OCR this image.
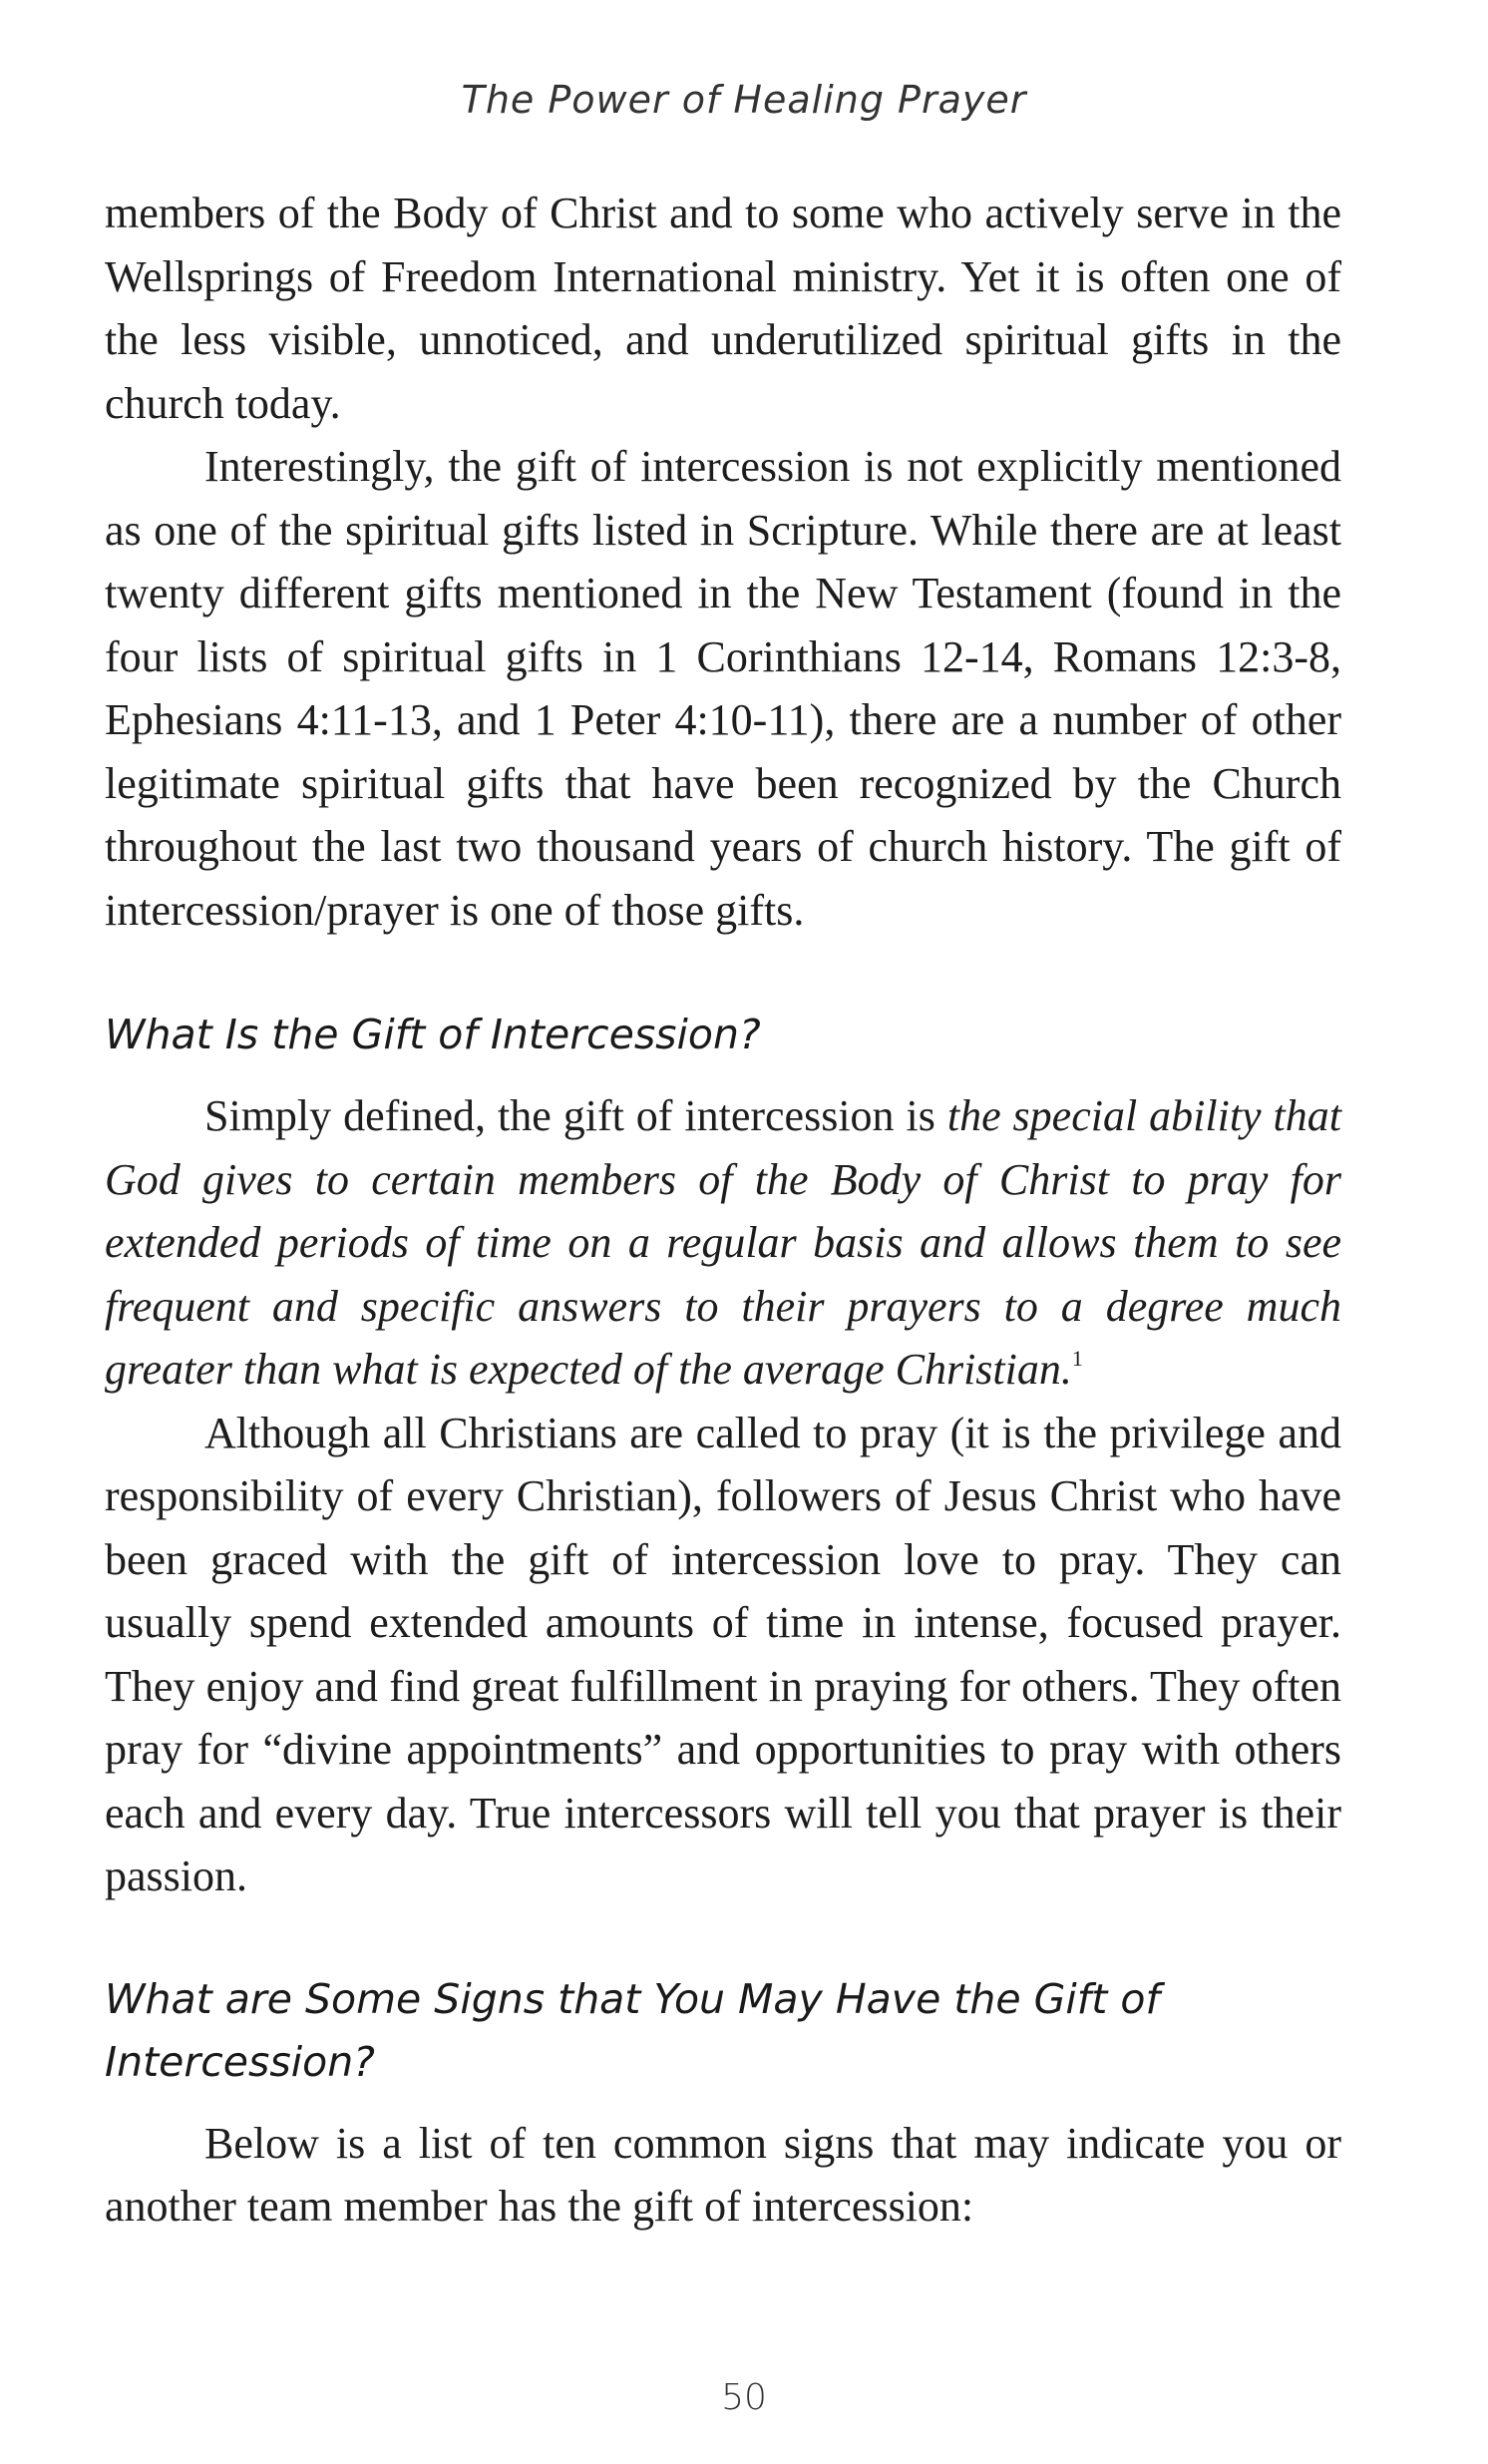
The Power of Healing Prayer

members of the Body of Christ and to some who actively serve in the Wellsprings of Freedom International ministry. Yet it is often one of the less visible, unnoticed, and underutilized spiritual gifts in the church today.

Interestingly, the gift of intercession is not explicitly mentioned as one of the spiritual gifts listed in Scripture. While there are at least twenty different gifts mentioned in the New Testament (found in the four lists of spiritual gifts in 1 Corinthians 12-14, Romans 12:3-8, Ephesians 4:11-13, and 1 Peter 4:10-11), there are a number of other legitimate spiritual gifts that have been recognized by the Church throughout the last two thousand years of church history. The gift of intercession/prayer is one of those gifts.

What Is the Gift of Intercession?

Simply defined, the gift of intercession is the special ability that God gives to certain members of the Body of Christ to pray for extended periods of time on a regular basis and allows them to see frequent and specific answers to their prayers to a degree much greater than what is expected of the average Christian.$^1$

Although all Christians are called to pray (it is the privilege and responsibility of every Christian), followers of Jesus Christ who have been graced with the gift of intercession love to pray. They can usually spend extended amounts of time in intense, focused prayer. They enjoy and find great fulfillment in praying for others. They often pray for “divine appointments” and opportunities to pray with others each and every day. True intercessors will tell you that prayer is their passion.

What are Some Signs that You May Have the Gift of Intercession?

Below is a list of ten common signs that may indicate you or another team member has the gift of intercession:

50
